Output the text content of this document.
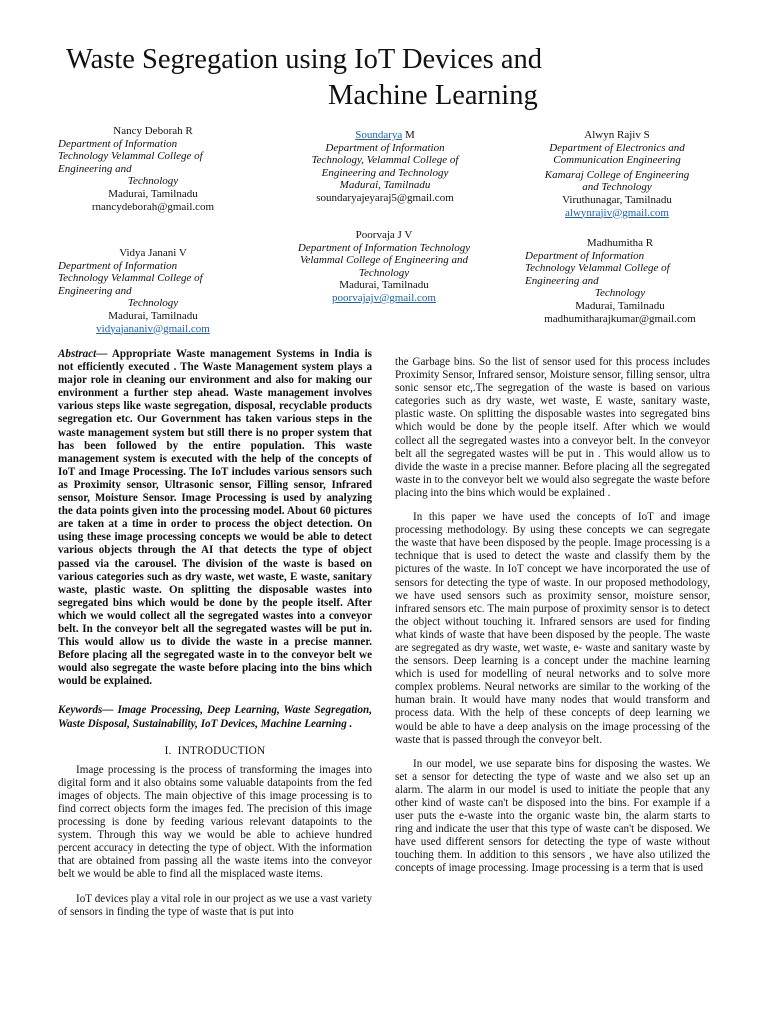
Waste Segregation using IoT Devices and
Machine Learning
Nancy Deborah R
Department of Information
Technology Velammal College of
Engineering and
Technology
Madurai, Tamilnadu
rnancydeborah@gmail.com
Soundarya M
Department of Information
Technology, Velammal College of
Engineering and Technology
Madurai, Tamilnadu
soundaryajeyaraj5@gmail.com
Alwyn Rajiv S
Department of Electronics and
Communication Engineering
Kamaraj College of Engineering
and Technology
Viruthunagar, Tamilnadu
alwynrajiv@gmail.com
Vidya Janani V
Department of Information
Technology Velammal College of
Engineering and
Technology
Madurai, Tamilnadu
vidyajananiv@gmail.com
Poorvaja J V
Department of Information Technology
Velammal College of Engineering and
Technology
Madurai, Tamilnadu
poorvajajv@gmail.com
Madhumitha R
Department of Information
Technology Velammal College of
Engineering and
Technology
Madurai, Tamilnadu
madhumitharajkumar@gmail.com

Abstract— Appropriate Waste management Systems in India is not efficiently executed . The Waste Management system plays a major role in cleaning our environment and also for making our environment a further step ahead. Waste management involves various steps like waste segregation, disposal, recyclable products segregation etc. Our Government has taken various steps in the waste management system but still there is no proper system that has been followed by the entire population. This waste management system is executed with the help of the concepts of IoT and Image Processing. The IoT includes various sensors such as Proximity sensor, Ultrasonic sensor, Filling sensor, Infrared sensor, Moisture Sensor. Image Processing is used by analyzing the data points given into the processing model. About 60 pictures are taken at a time in order to process the object detection. On using these image processing concepts we would be able to detect various objects through the AI that detects the type of object passed via the carousel. The division of the waste is based on various categories such as dry waste, wet waste, E waste, sanitary waste, plastic waste. On splitting the disposable wastes into segregated bins which would be done by the people itself. After which we would collect all the segregated wastes into a conveyor belt. In the conveyor belt all the segregated wastes will be put in. This would allow us to divide the waste in a precise manner. Before placing all the segregated waste in to the conveyor belt we would also segregate the waste before placing into the bins which would be explained.

Keywords— Image Processing, Deep Learning, Waste Segregation, Waste Disposal, Sustainability, IoT Devices, Machine Learning .

I. INTRODUCTION

Image processing is the process of transforming the images into digital form and it also obtains some valuable datapoints from the fed images of objects. The main objective of this image processing is to find correct objects form the images fed. The precision of this image processing is done by feeding various relevant datapoints to the system. Through this way we would be able to achieve hundred percent accuracy in detecting the type of object. With the information that are obtained from passing all the waste items into the conveyor belt we would be able to find all the misplaced waste items.

IoT devices play a vital role in our project as we use a vast variety of sensors in finding the type of waste that is put into

the Garbage bins. So the list of sensor used for this process includes Proximity Sensor, Infrared sensor, Moisture sensor, filling sensor, ultra sonic sensor etc,.The segregation of the waste is based on various categories such as dry waste, wet waste, E waste, sanitary waste, plastic waste. On splitting the disposable wastes into segregated bins which would be done by the people itself. After which we would collect all the segregated wastes into a conveyor belt. In the conveyor belt all the segregated wastes will be put in . This would allow us to divide the waste in a precise manner. Before placing all the segregated waste in to the conveyor belt we would also segregate the waste before placing into the bins which would be explained .

In this paper we have used the concepts of IoT and image processing methodology. By using these concepts we can segregate the waste that have been disposed by the people. Image processing is a technique that is used to detect the waste and classify them by the pictures of the waste. In IoT concept we have incorporated the use of sensors for detecting the type of waste. In our proposed methodology, we have used sensors such as proximity sensor, moisture sensor, infrared sensors etc. The main purpose of proximity sensor is to detect the object without touching it. Infrared sensors are used for finding what kinds of waste that have been disposed by the people. The waste are segregated as dry waste, wet waste, e- waste and sanitary waste by the sensors. Deep learning is a concept under the machine learning which is used for modelling of neural networks and to solve more complex problems. Neural networks are similar to the working of the human brain. It would have many nodes that would transform and process data. With the help of these concepts of deep learning we would be able to have a deep analysis on the image processing of the waste that is passed through the conveyor belt.

In our model, we use separate bins for disposing the wastes. We set a sensor for detecting the type of waste and we also set up an alarm. The alarm in our model is used to initiate the people that any other kind of waste can't be disposed into the bins. For example if a user puts the e-waste into the organic waste bin, the alarm starts to ring and indicate the user that this type of waste can't be disposed. We have used different sensors for detecting the type of waste without touching them. In addition to this sensors , we have also utilized the concepts of image processing. Image processing is a term that is used
